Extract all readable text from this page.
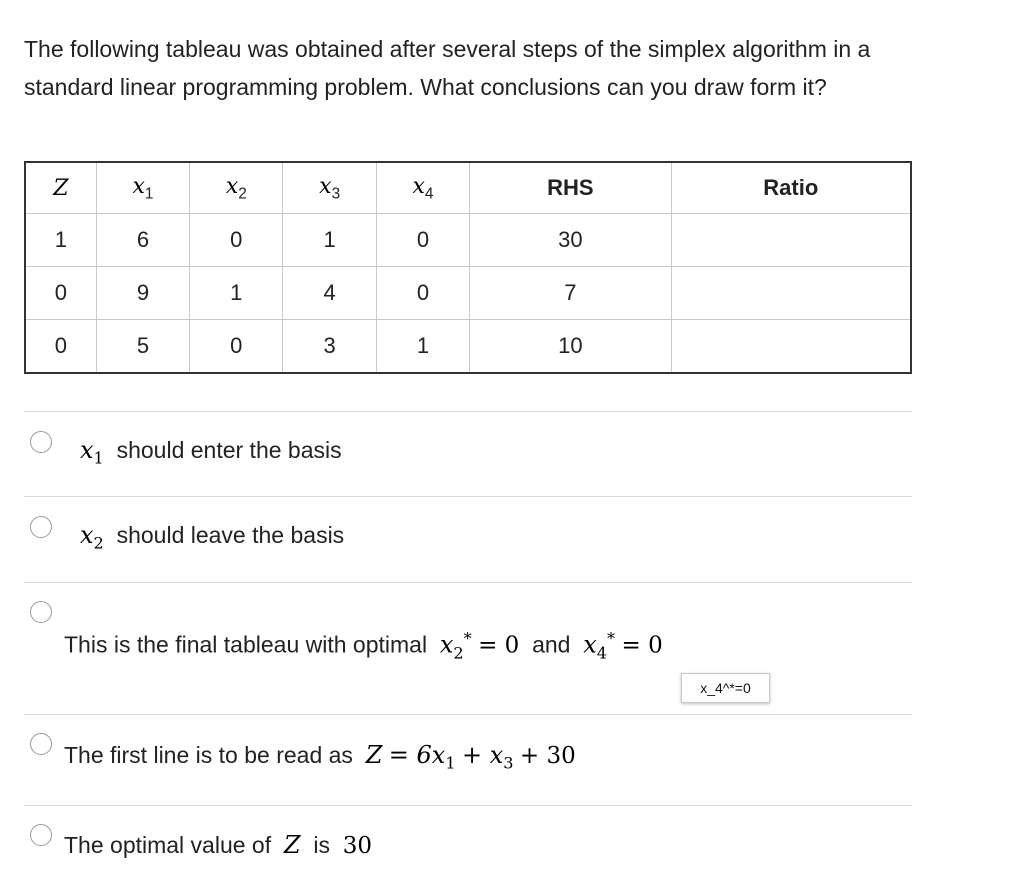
The following tableau was obtained after several steps of the simplex algorithm in a standard linear programming problem. What conclusions can you draw form it?
Z	$x_1$	$x_2$	$x_3$	$x_4$	RHS	Ratio
1	6	0	1	0	30	
0	9	1	4	0	7	
0	5	0	3	1	10	
$x_1$ should enter the basis
$x_2$ should leave the basis
This is the final tableau with optimal $x_2^* = 0$ and $x_4^* = 0$
x_4^*=0
The first line is to be read as $Z = 6x_1 + x_3 + 30$
The optimal value of Z is 30
